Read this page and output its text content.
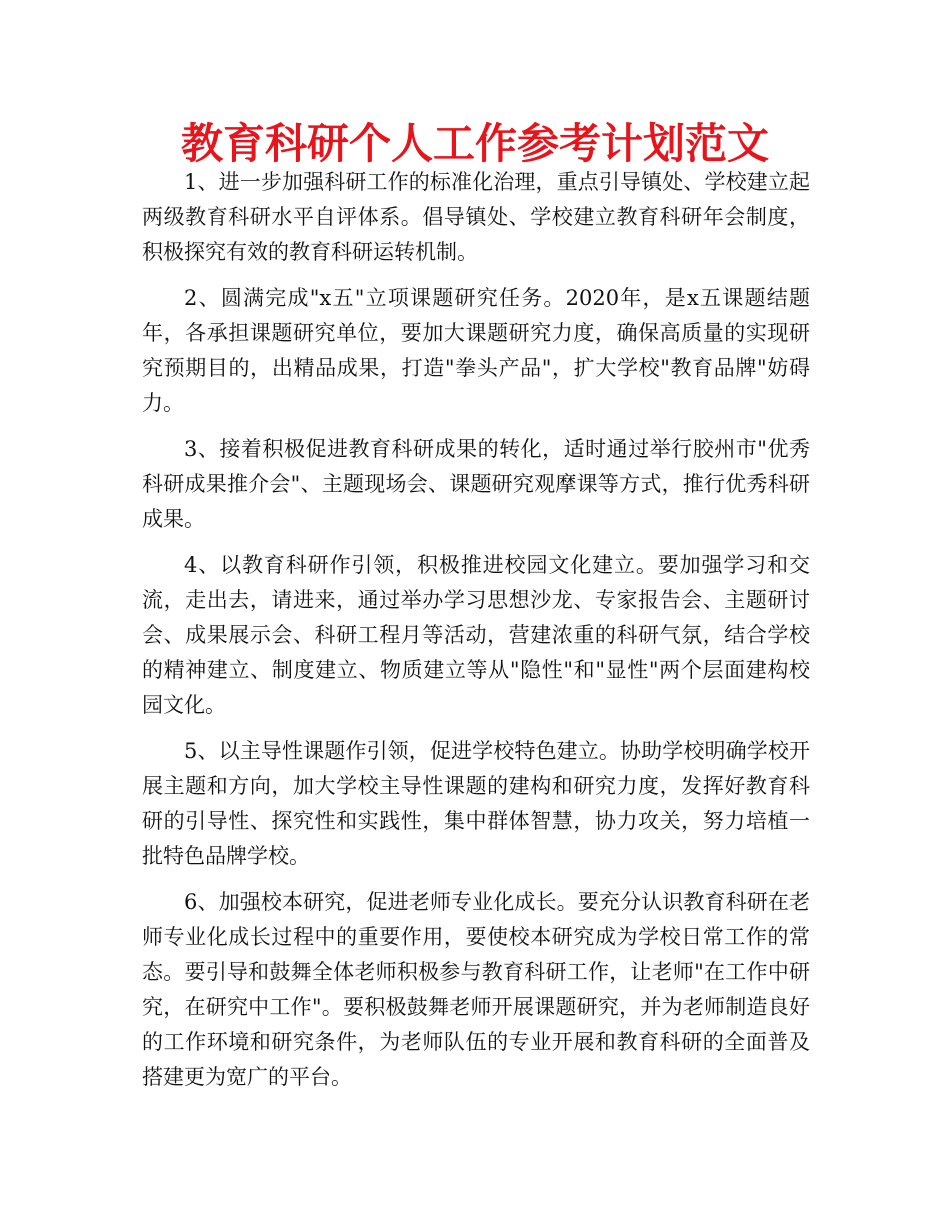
教育科研个人工作参考计划范文

1、进一步加强科研工作的标准化治理，重点引导镇处、学校建立起两级教育科研水平自评体系。倡导镇处、学校建立教育科研年会制度，积极探究有效的教育科研运转机制。

2、圆满完成"x五"立项课题研究任务。2020年，是x五课题结题年，各承担课题研究单位，要加大课题研究力度，确保高质量的实现研究预期目的，出精品成果，打造"拳头产品"，扩大学校"教育品牌"妨碍力。

3、接着积极促进教育科研成果的转化，适时通过举行胶州市"优秀科研成果推介会"、主题现场会、课题研究观摩课等方式，推行优秀科研成果。

4、以教育科研作引领，积极推进校园文化建立。要加强学习和交流，走出去，请进来，通过举办学习思想沙龙、专家报告会、主题研讨会、成果展示会、科研工程月等活动，营建浓重的科研气氛，结合学校的精神建立、制度建立、物质建立等从"隐性"和"显性"两个层面建构校园文化。

5、以主导性课题作引领，促进学校特色建立。协助学校明确学校开展主题和方向，加大学校主导性课题的建构和研究力度，发挥好教育科研的引导性、探究性和实践性，集中群体智慧，协力攻关，努力培植一批特色品牌学校。

6、加强校本研究，促进老师专业化成长。要充分认识教育科研在老师专业化成长过程中的重要作用，要使校本研究成为学校日常工作的常态。要引导和鼓舞全体老师积极参与教育科研工作，让老师"在工作中研究，在研究中工作"。要积极鼓舞老师开展课题研究，并为老师制造良好的工作环境和研究条件，为老师队伍的专业开展和教育科研的全面普及搭建更为宽广的平台。
